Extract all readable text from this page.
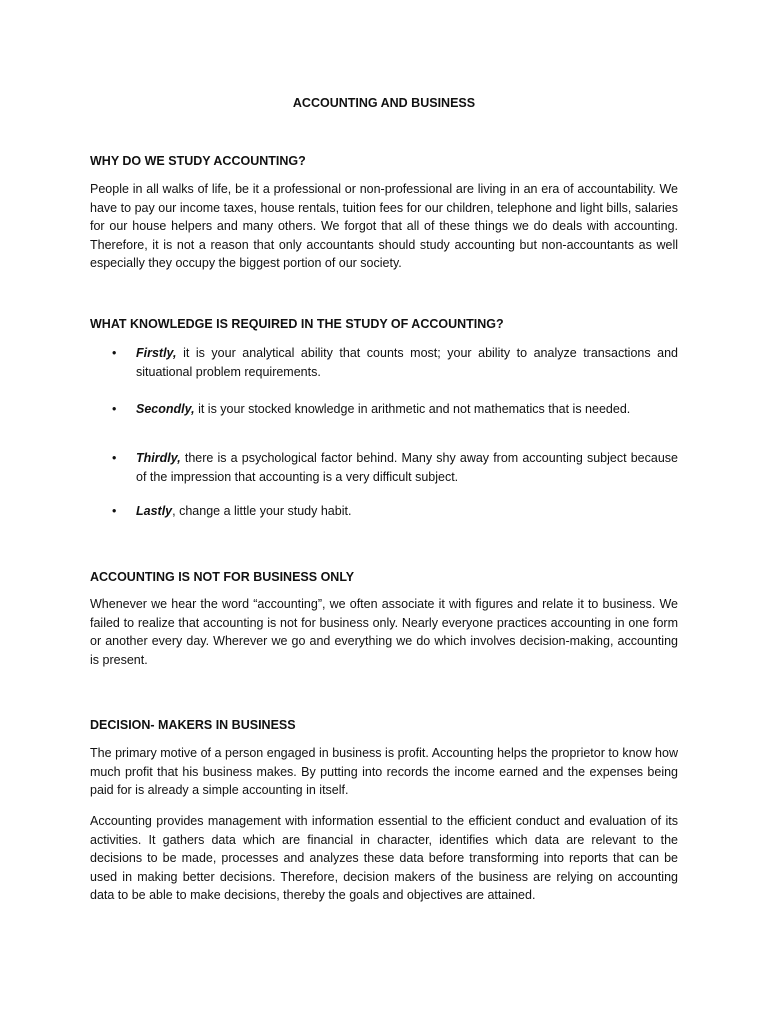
ACCOUNTING AND BUSINESS
WHY DO WE STUDY ACCOUNTING?

People in all walks of life, be it a professional or non-professional are living in an era of accountability. We have to pay our income taxes, house rentals, tuition fees for our children, telephone and light bills, salaries for our house helpers and many others. We forgot that all of these things we do deals with accounting. Therefore, it is not a reason that only accountants should study accounting but non-accountants as well especially they occupy the biggest portion of our society.

WHAT KNOWLEDGE IS REQUIRED IN THE STUDY OF ACCOUNTING?
• Firstly, it is your analytical ability that counts most; your ability to analyze transactions and situational problem requirements.
• Secondly, it is your stocked knowledge in arithmetic and not mathematics that is needed.
• Thirdly, there is a psychological factor behind. Many shy away from accounting subject because of the impression that accounting is a very difficult subject.
• Lastly, change a little your study habit.
ACCOUNTING IS NOT FOR BUSINESS ONLY

Whenever we hear the word “accounting”, we often associate it with figures and relate it to business. We failed to realize that accounting is not for business only. Nearly everyone practices accounting in one form or another every day. Wherever we go and everything we do which involves decision-making, accounting is present.

DECISION- MAKERS IN BUSINESS

The primary motive of a person engaged in business is profit. Accounting helps the proprietor to know how much profit that his business makes. By putting into records the income earned and the expenses being paid for is already a simple accounting in itself.

Accounting provides management with information essential to the efficient conduct and evaluation of its activities. It gathers data which are financial in character, identifies which data are relevant to the decisions to be made, processes and analyzes these data before transforming into reports that can be used in making better decisions. Therefore, decision makers of the business are relying on accounting data to be able to make decisions, thereby the goals and objectives are attained.
